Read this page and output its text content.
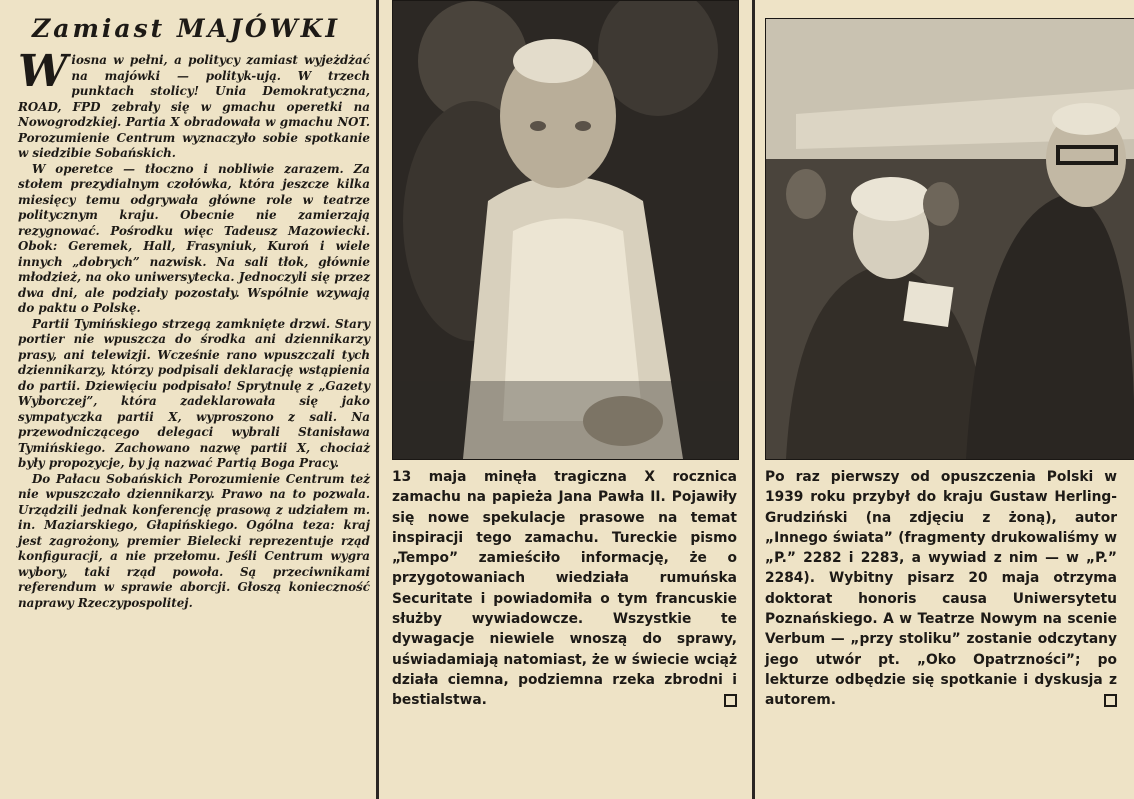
Zamiast MAJÓWKI

Wiosna w pełni, a politycy zamiast wyjeżdżać na majówki — polityk-ują. W trzech punktach stolicy! Unia Demokratyczna, ROAD, FPD zebrały się w gmachu operetki na Nowogrodzkiej. Partia X obradowała w gmachu NOT. Porozumienie Centrum wyznaczyło sobie spotkanie w siedzibie Sobańskich.

W operetce — tłoczno i nobliwie zarazem. Za stołem prezydialnym czołówka, która jeszcze kilka miesięcy temu odgrywała główne role w teatrze politycznym kraju. Obecnie nie zamierzają rezygnować. Pośrodku więc Tadeusz Mazowiecki. Obok: Geremek, Hall, Frasyniuk, Kuroń i wiele innych „dobrych” nazwisk. Na sali tłok, głównie młodzież, na oko uniwersytecka. Jednoczyli się przez dwa dni, ale podziały pozostały. Wspólnie wzywają do paktu o Polskę.

Partii Tymińskiego strzegą zamknięte drzwi. Stary portier nie wpuszcza do środka ani dziennikarzy prasy, ani telewizji. Wcześnie rano wpuszczali tych dziennikarzy, którzy podpisali deklarację wstąpienia do partii. Dziewięciu podpisało! Sprytnulę z „Gazety Wyborczej”, która zadeklarowała się jako sympatyczka partii X, wyproszono z sali. Na przewodniczącego delegaci wybrali Stanisława Tymińskiego. Zachowano nazwę partii X, chociaż były propozycje, by ją nazwać Partią Boga Pracy.

Do Pałacu Sobańskich Porozumienie Centrum też nie wpuszczało dziennikarzy. Prawo na to pozwala. Urządzili jednak konferencję prasową z udziałem m. in. Maziarskiego, Głapińskiego. Ogólna teza: kraj jest zagrożony, premier Bielecki reprezentuje rząd konfiguracji, a nie przełomu. Jeśli Centrum wygra wybory, taki rząd powoła. Są przeciwnikami referendum w sprawie aborcji. Głoszą konieczność naprawy Rzeczypospolitej.

13 maja minęła tragiczna X rocznica zamachu na papieża Jana Pawła II. Pojawiły się nowe spekulacje prasowe na temat inspiracji tego zamachu. Tureckie pismo „Tempo” zamieściło informację, że o przygotowaniach wiedziała rumuńska Securitate i powiadomiła o tym francuskie służby wywiadowcze. Wszystkie te dywagacje niewiele wnoszą do sprawy, uświadamiają natomiast, że w świecie wciąż działa ciemna, podziemna rzeka zbrodni i bestialstwa.
Po raz pierwszy od opuszczenia Polski w 1939 roku przybył do kraju Gustaw Herling-Grudziński (na zdjęciu z żoną), autor „Innego świata” (fragmenty drukowaliśmy w „P.” 2282 i 2283, a wywiad z nim — w „P.” 2284). Wybitny pisarz 20 maja otrzyma doktorat honoris causa Uniwersytetu Poznańskiego. A w Teatrze Nowym na scenie Verbum — „przy stoliku” zostanie odczytany jego utwór pt. „Oko Opatrzności”; po lekturze odbędzie się spotkanie i dyskusja z autorem.
